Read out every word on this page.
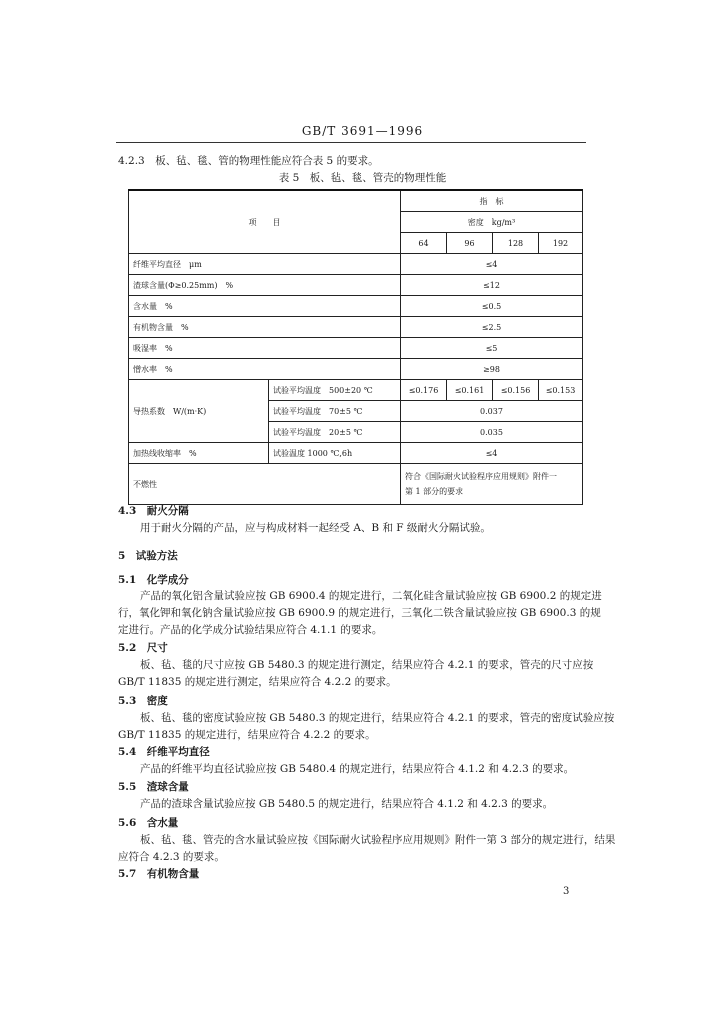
GB/T 3691—1996
4.2.3　板、毡、毯、管的物理性能应符合表 5 的要求。
表 5　板、毡、毯、管壳的物理性能
项　　目		指　标			
		密度　kg/m³			
		64	96	128	192
纤维平均直径　μm		≤4			
渣球含量(Φ≥0.25mm)　%		≤12			
含水量　%		≤0.5			
有机物含量　%		≤2.5			
吸湿率　%		≤5			
憎水率　%		≥98			
导热系数　W/(m·K)	试验平均温度　500±20 ℃	≤0.176	≤0.161	≤0.156	≤0.153
	试验平均温度　70±5 ℃	0.037			
	试验平均温度　20±5 ℃	0.035			
加热线收缩率　%	试验温度 1000 ℃,6h	≤4			
不燃性		符合《国际耐火试验程序应用规则》附件一
第 1 部分的要求			
4.3　耐火分隔
用于耐火分隔的产品，应与构成材料一起经受 A、B 和 F 级耐火分隔试验。
5　试验方法
5.1　化学成分
产品的氧化铝含量试验应按 GB 6900.4 的规定进行，二氧化硅含量试验应按 GB 6900.2 的规定进
行，氧化钾和氧化钠含量试验应按 GB 6900.9 的规定进行，三氧化二铁含量试验应按 GB 6900.3 的规
定进行。产品的化学成分试验结果应符合 4.1.1 的要求。
5.2　尺寸
板、毡、毯的尺寸应按 GB 5480.3 的规定进行测定，结果应符合 4.2.1 的要求，管壳的尺寸应按
GB/T 11835 的规定进行测定，结果应符合 4.2.2 的要求。
5.3　密度
板、毡、毯的密度试验应按 GB 5480.3 的规定进行，结果应符合 4.2.1 的要求，管壳的密度试验应按
GB/T 11835 的规定进行，结果应符合 4.2.2 的要求。
5.4　纤维平均直径
产品的纤维平均直径试验应按 GB 5480.4 的规定进行，结果应符合 4.1.2 和 4.2.3 的要求。
5.5　渣球含量
产品的渣球含量试验应按 GB 5480.5 的规定进行，结果应符合 4.1.2 和 4.2.3 的要求。
5.6　含水量
板、毡、毯、管壳的含水量试验应按《国际耐火试验程序应用规则》附件一第 3 部分的规定进行，结果
应符合 4.2.3 的要求。
5.7　有机物含量
3
